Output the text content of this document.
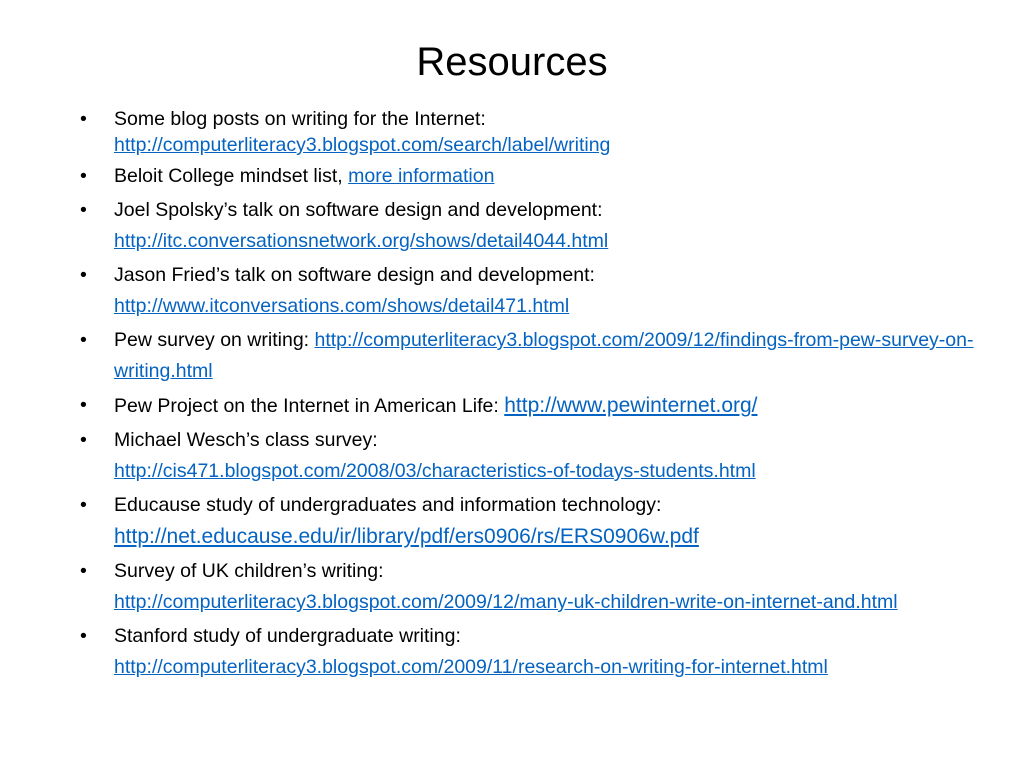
Resources
• Some blog posts on writing for the Internet:
http://computerliteracy3.blogspot.com/search/label/writing
• Beloit College mindset list, more information
• Joel Spolsky’s talk on software design and development:
http://itc.conversationsnetwork.org/shows/detail4044.html
• Jason Fried’s talk on software design and development:
http://www.itconversations.com/shows/detail471.html
• Pew survey on writing: http://computerliteracy3.blogspot.com/2009/12/findings-from-pew-survey-on-writing.html
• Pew Project on the Internet in American Life: http://www.pewinternet.org/
• Michael Wesch’s class survey:
http://cis471.blogspot.com/2008/03/characteristics-of-todays-students.html
• Educause study of undergraduates and information technology:
http://net.educause.edu/ir/library/pdf/ers0906/rs/ERS0906w.pdf
• Survey of UK children’s writing:
http://computerliteracy3.blogspot.com/2009/12/many-uk-children-write-on-internet-and.html
• Stanford study of undergraduate writing:
http://computerliteracy3.blogspot.com/2009/11/research-on-writing-for-internet.html
